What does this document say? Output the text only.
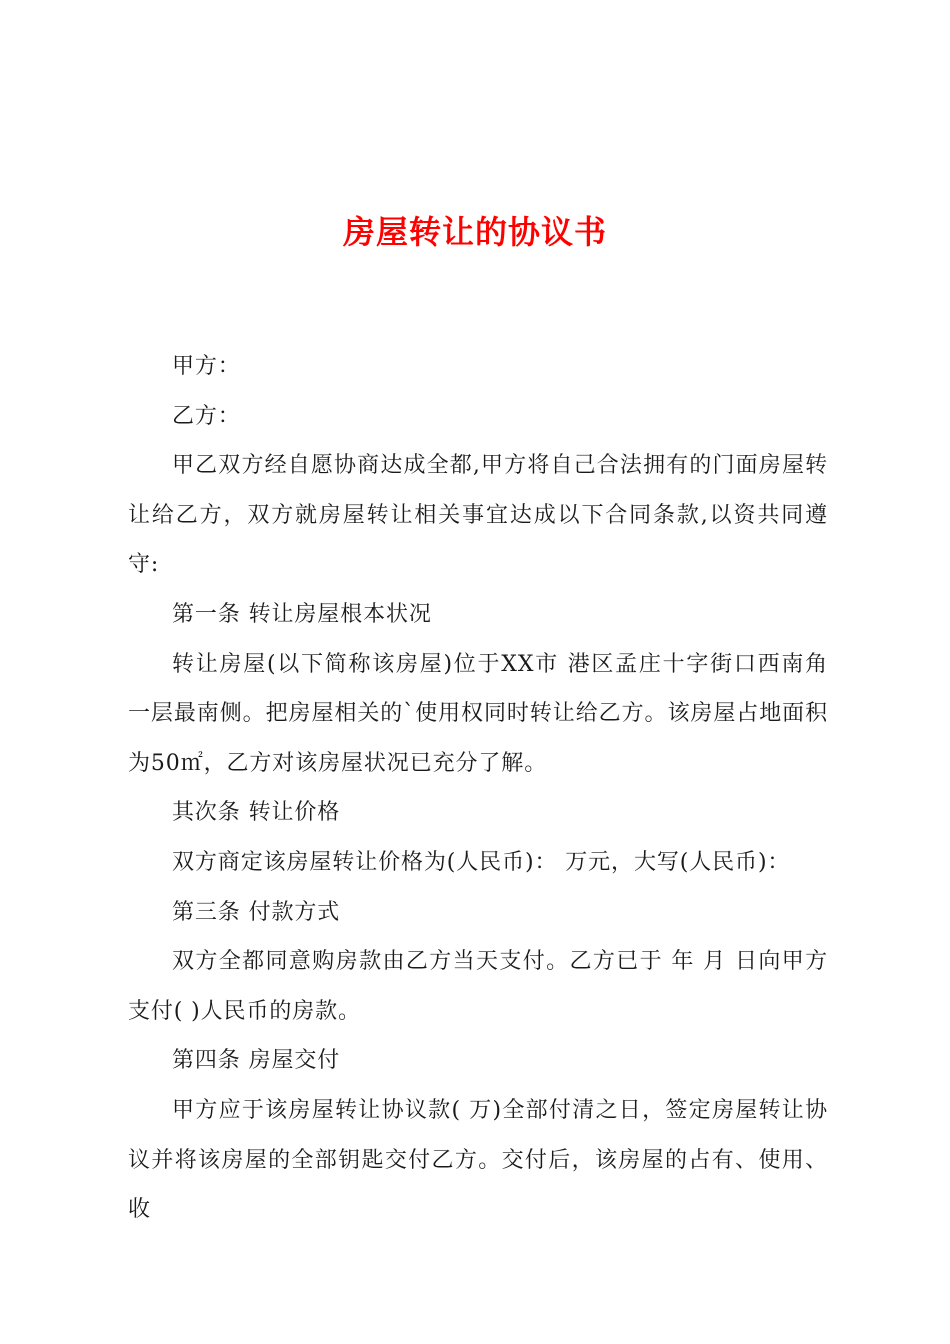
房屋转让的协议书

甲方：

乙方：

甲乙双方经自愿协商达成全都,甲方将自己合法拥有的门面房屋转让给乙方，双方就房屋转让相关事宜达成以下合同条款,以资共同遵守:

第一条 转让房屋根本状况

转让房屋(以下简称该房屋)位于XX市 港区孟庄十字街口西南角 一层最南侧。把房屋相关的`使用权同时转让给乙方。该房屋占地面积为50㎡，乙方对该房屋状况已充分了解。

其次条 转让价格

双方商定该房屋转让价格为(人民币)： 万元，大写(人民币)：

第三条 付款方式

双方全都同意购房款由乙方当天支付。乙方已于 年 月 日向甲方支付( )人民币的房款。

第四条 房屋交付

甲方应于该房屋转让协议款( 万)全部付清之日，签定房屋转让协议并将该房屋的全部钥匙交付乙方。交付后，该房屋的占有、使用、收
